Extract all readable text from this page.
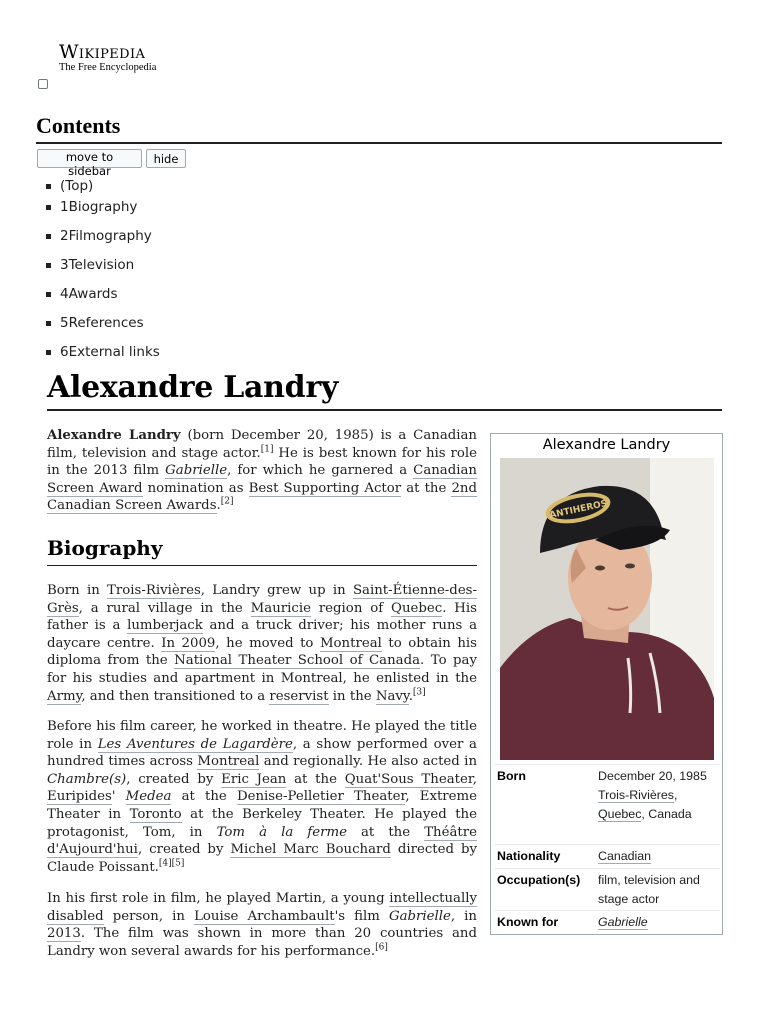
Wikipedia
The Free Encyclopedia
Contents
move to sidebar
hide
(Top)
1Biography
2Filmography
3Television
4Awards
5References
6External links
Alexandre Landry

Alexandre Landry (born December 20, 1985) is a Canadian film, television and stage actor.[1] He is best known for his role in the 2013 film Gabrielle, for which he garnered a Canadian Screen Award nomination as Best Supporting Actor at the 2nd Canadian Screen Awards.[2]

Biography

Born in Trois-Rivières, Landry grew up in Saint-Étienne-des-Grès, a rural village in the Mauricie region of Quebec. His father is a lumberjack and a truck driver; his mother runs a daycare centre. In 2009, he moved to Montreal to obtain his diploma from the National Theater School of Canada. To pay for his studies and apartment in Montreal, he enlisted in the Army, and then transitioned to a reservist in the Navy.[3]

Before his film career, he worked in theatre. He played the title role in Les Aventures de Lagardère, a show performed over a hundred times across Montreal and regionally. He also acted in Chambre(s), created by Eric Jean at the Quat'Sous Theater, Euripides' Medea at the Denise-Pelletier Theater, Extreme Theater in Toronto at the Berkeley Theater. He played the protagonist, Tom, in Tom à la ferme at the Théâtre d'Aujourd'hui, created by Michel Marc Bouchard directed by Claude Poissant.[4][5]

In his first role in film, he played Martin, a young intellectually disabled person, in Louise Archambault's film Gabrielle, in 2013. The film was shown in more than 20 countries and Landry won several awards for his performance.[6]

Alexandre Landry
ANTIHEROS
Born	December 20, 1985
Trois-Rivières, Quebec, Canada
Nationality	Canadian
Occupation(s) film, television and stage actor
Known for	Gabrielle
